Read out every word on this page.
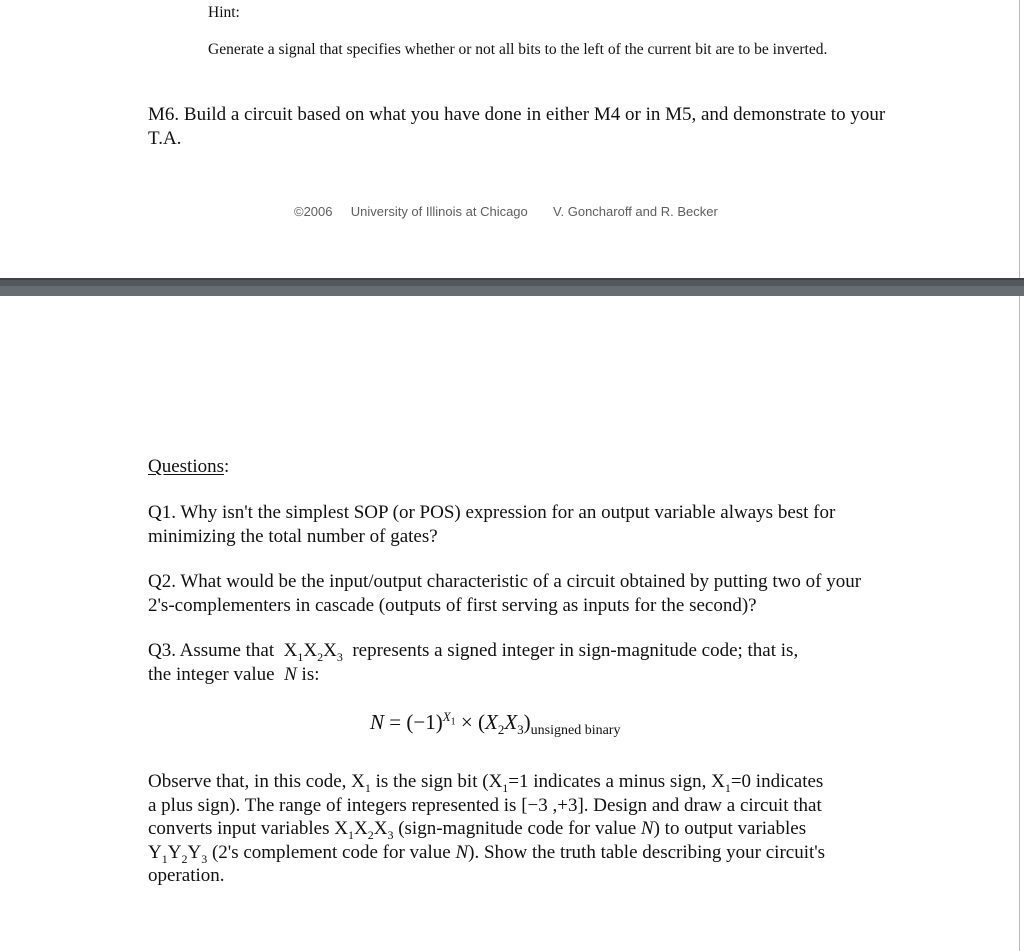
Hint:
Generate a signal that specifies whether or not all bits to the left of the current bit are to be inverted.
M6. Build a circuit based on what you have done in either M4 or in M5, and demonstrate to your T.A.
©2006 University of Illinois at Chicago V. Goncharoff and R. Becker
Questions:
Q1. Why isn't the simplest SOP (or POS) expression for an output variable always best for minimizing the total number of gates?
Q2. What would be the input/output characteristic of a circuit obtained by putting two of your 2's-complementers in cascade (outputs of first serving as inputs for the second)?
Q3. Assume that $X_1X_2X_3$ represents a signed integer in sign-magnitude code; that is,
the integer value N is:
$N = (-1)^{X_1} \times (X_2X_3)_{unsigned binary}$
Observe that, in this code, $X_1$ is the sign bit ($X_1=1$ indicates a minus sign, $X_1=0$ indicates
a plus sign). The range of integers represented is [−3 ,+3]. Design and draw a circuit that
converts input variables $X_1X_2X_3$ (sign-magnitude code for value N) to output variables
$Y_1Y_2Y_3$ (2's complement code for value N). Show the truth table describing your circuit's
operation.
